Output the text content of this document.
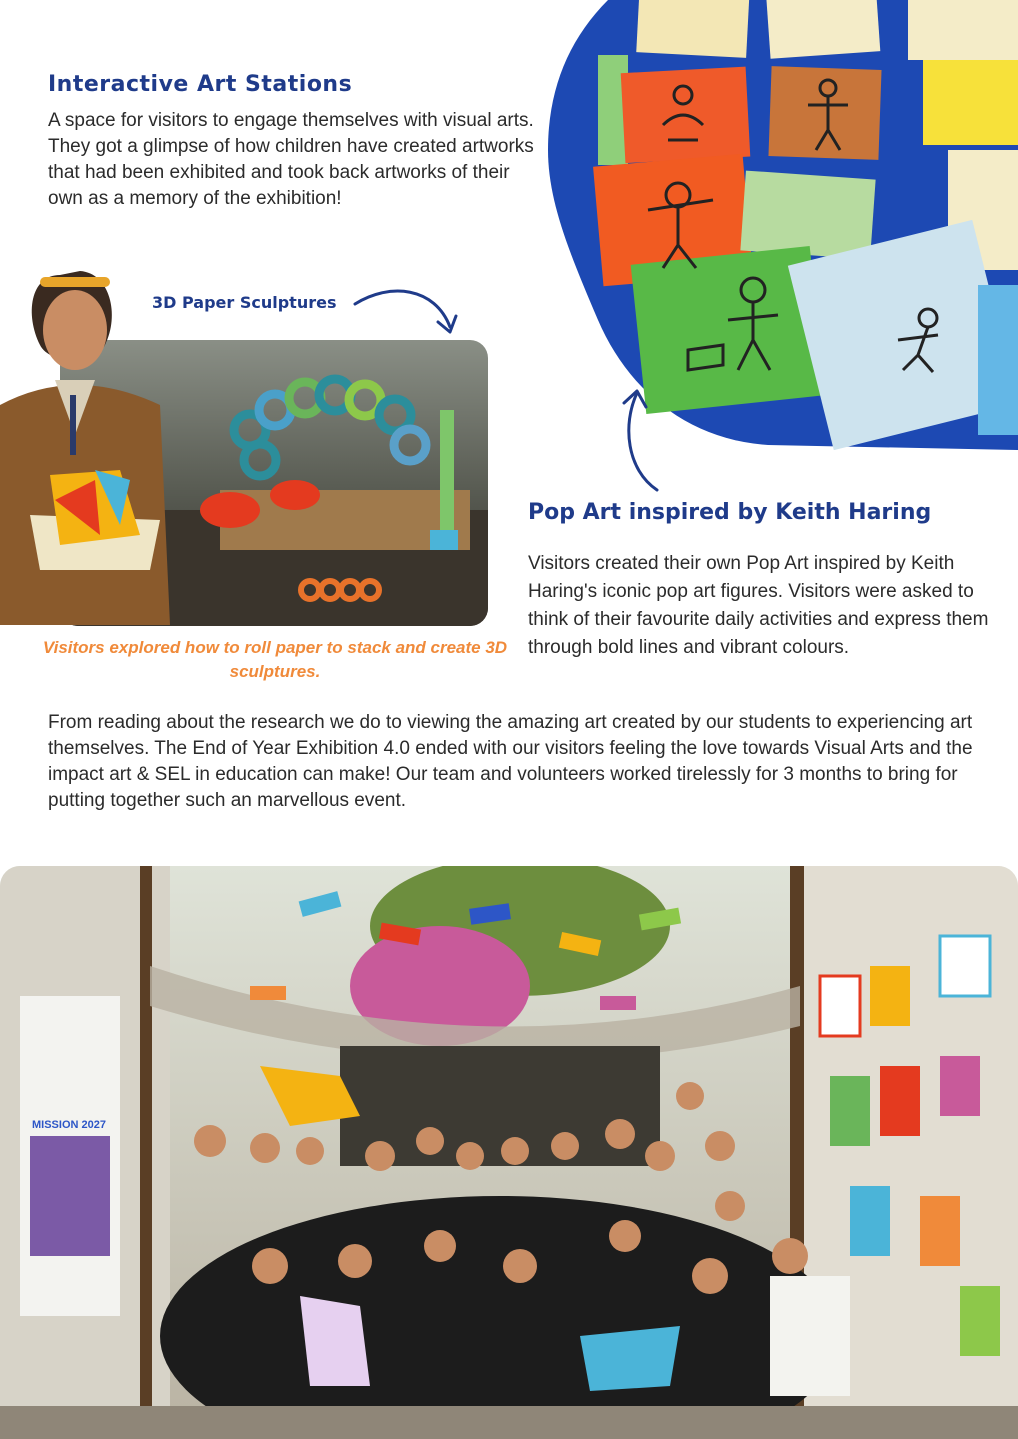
Interactive Art Stations
A space for visitors to engage themselves with visual arts. They got a glimpse of how children have created artworks that had been exhibited and took back artworks of their own as a memory of the exhibition!
3D Paper Sculptures
Visitors explored how to roll paper to stack and create 3D sculptures.
Pop Art inspired by Keith Haring
Visitors created their own Pop Art inspired by Keith Haring's iconic pop art figures. Visitors were asked to think of their favourite daily activities and express them through bold lines and vibrant colours.
From reading about the research we do to viewing the amazing art created by our students to experiencing art themselves. The End of Year Exhibition 4.0 ended with our visitors feeling the love towards Visual Arts and the impact art & SEL in education can make! Our team and volunteers worked tirelessly for 3 months to bring for putting together such an marvellous event.
MISSION 2027
